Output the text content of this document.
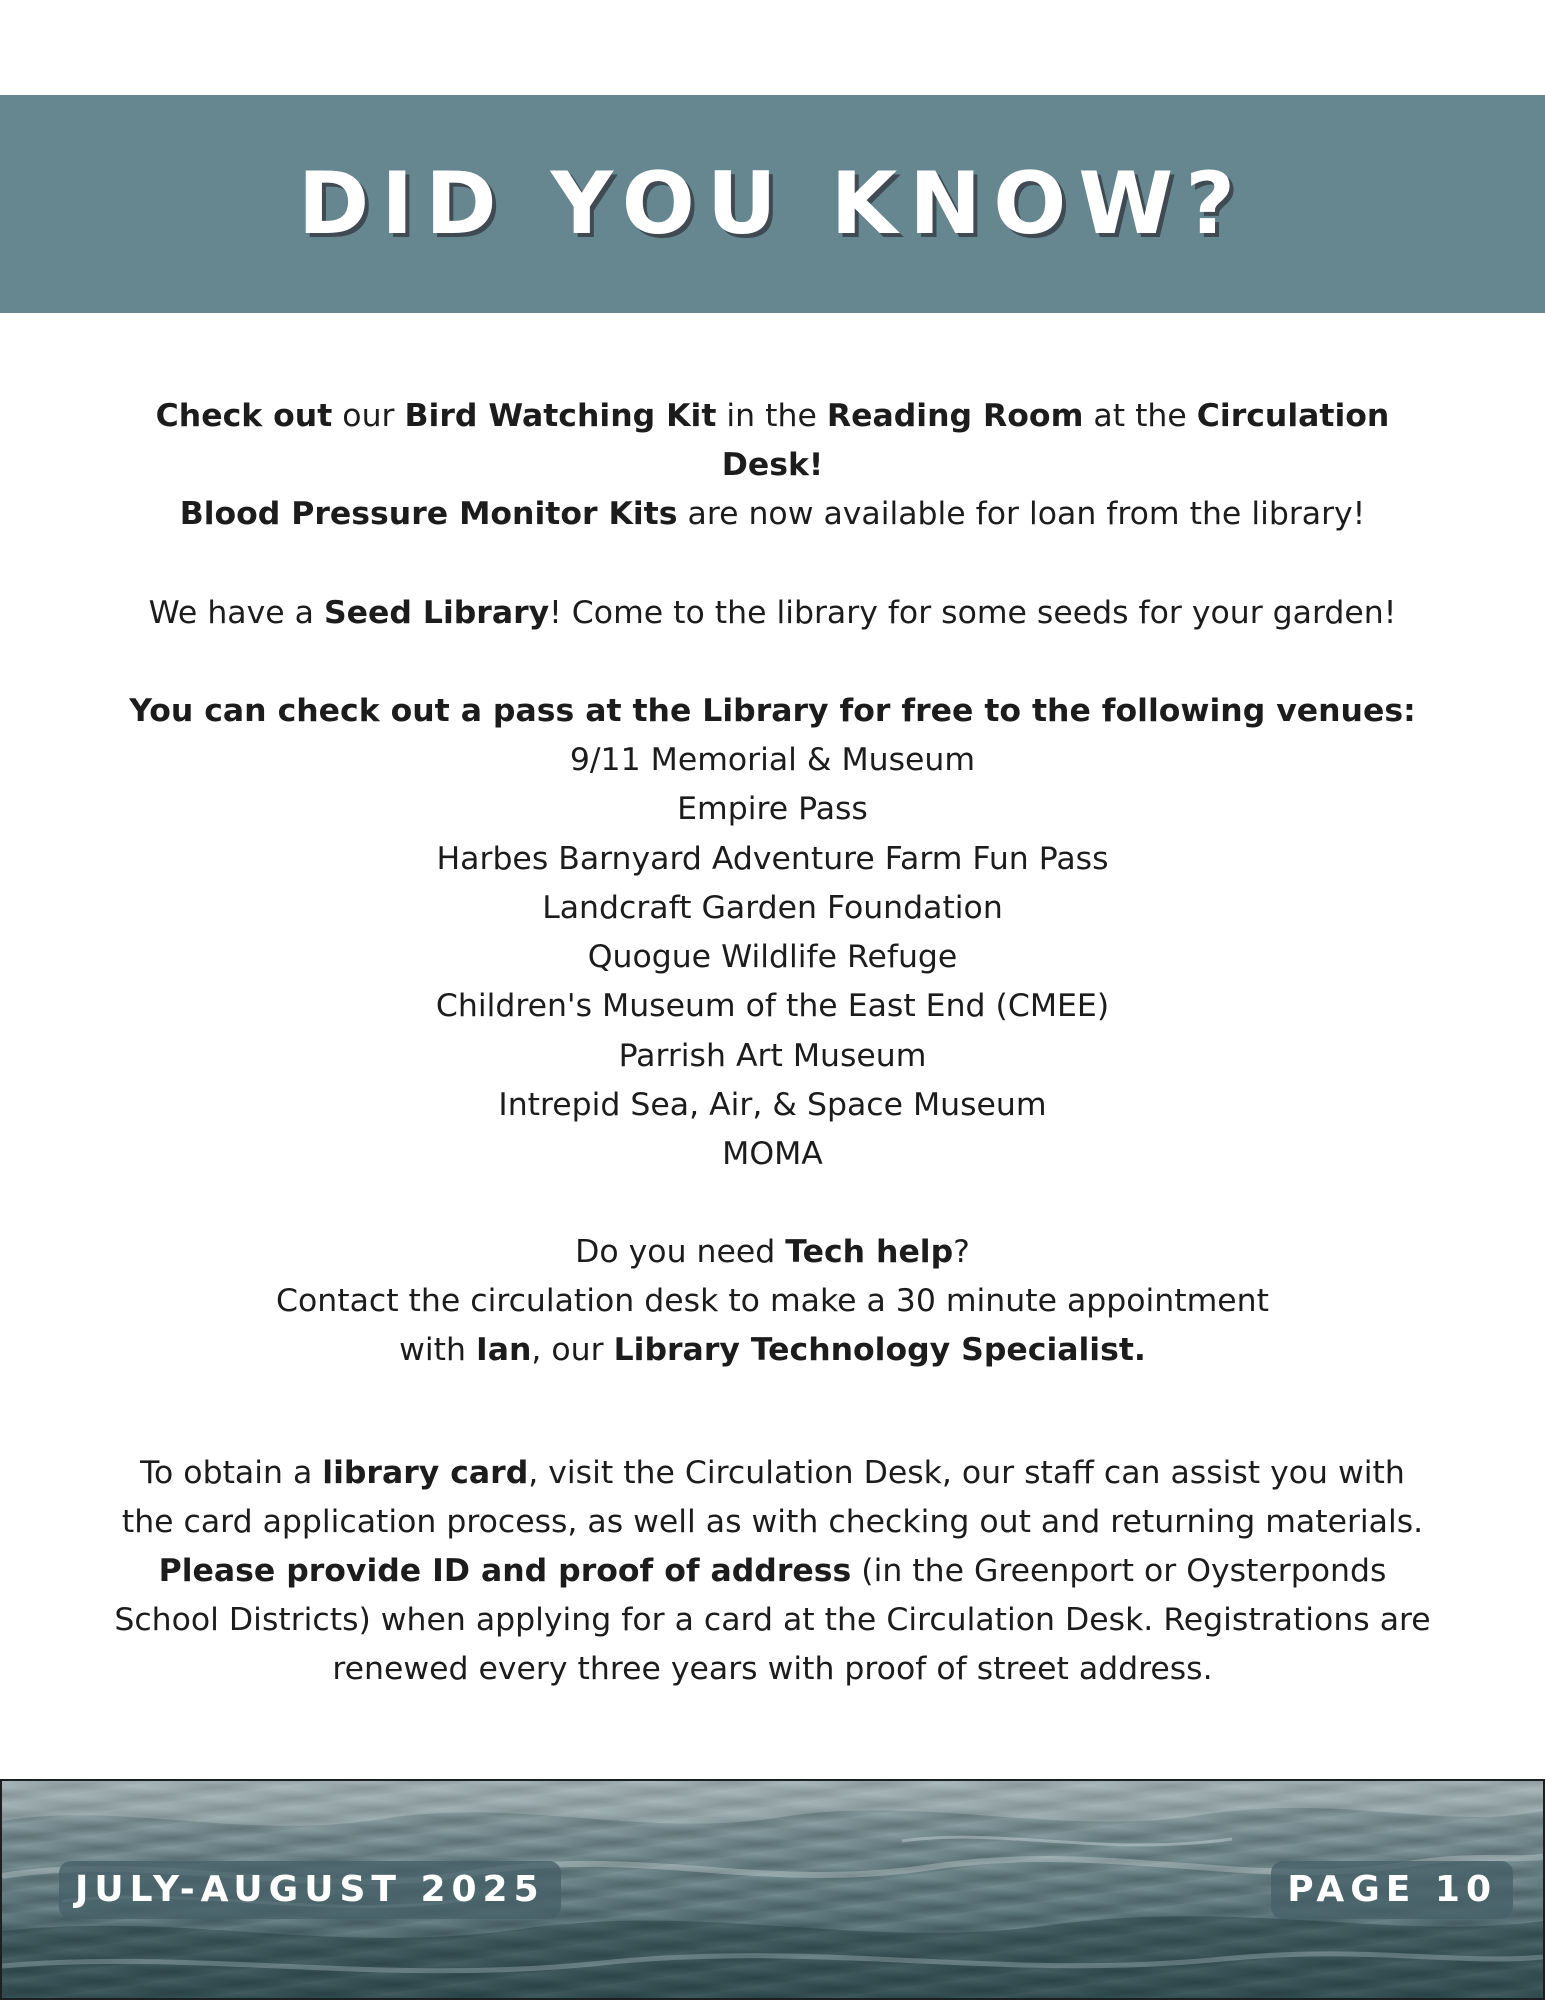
DID YOU KNOW?

Check out our Bird Watching Kit in the Reading Room at the Circulation Desk!

Blood Pressure Monitor Kits are now available for loan from the library!

We have a Seed Library! Come to the library for some seeds for your garden!

You can check out a pass at the Library for free to the following venues:

9/11 Memorial & Museum
Empire Pass
Harbes Barnyard Adventure Farm Fun Pass
Landcraft Garden Foundation
Quogue Wildlife Refuge
Children's Museum of the East End (CMEE)
Parrish Art Museum
Intrepid Sea, Air, & Space Museum
MOMA

Do you need Tech help?
Contact the circulation desk to make a 30 minute appointment
with Ian, our Library Technology Specialist.

To obtain a library card, visit the Circulation Desk, our staff can assist you with the card application process, as well as with checking out and returning materials. Please provide ID and proof of address (in the Greenport or Oysterponds School Districts) when applying for a card at the Circulation Desk. Registrations are renewed every three years with proof of street address.

JULY-AUGUST 2025	PAGE 10
